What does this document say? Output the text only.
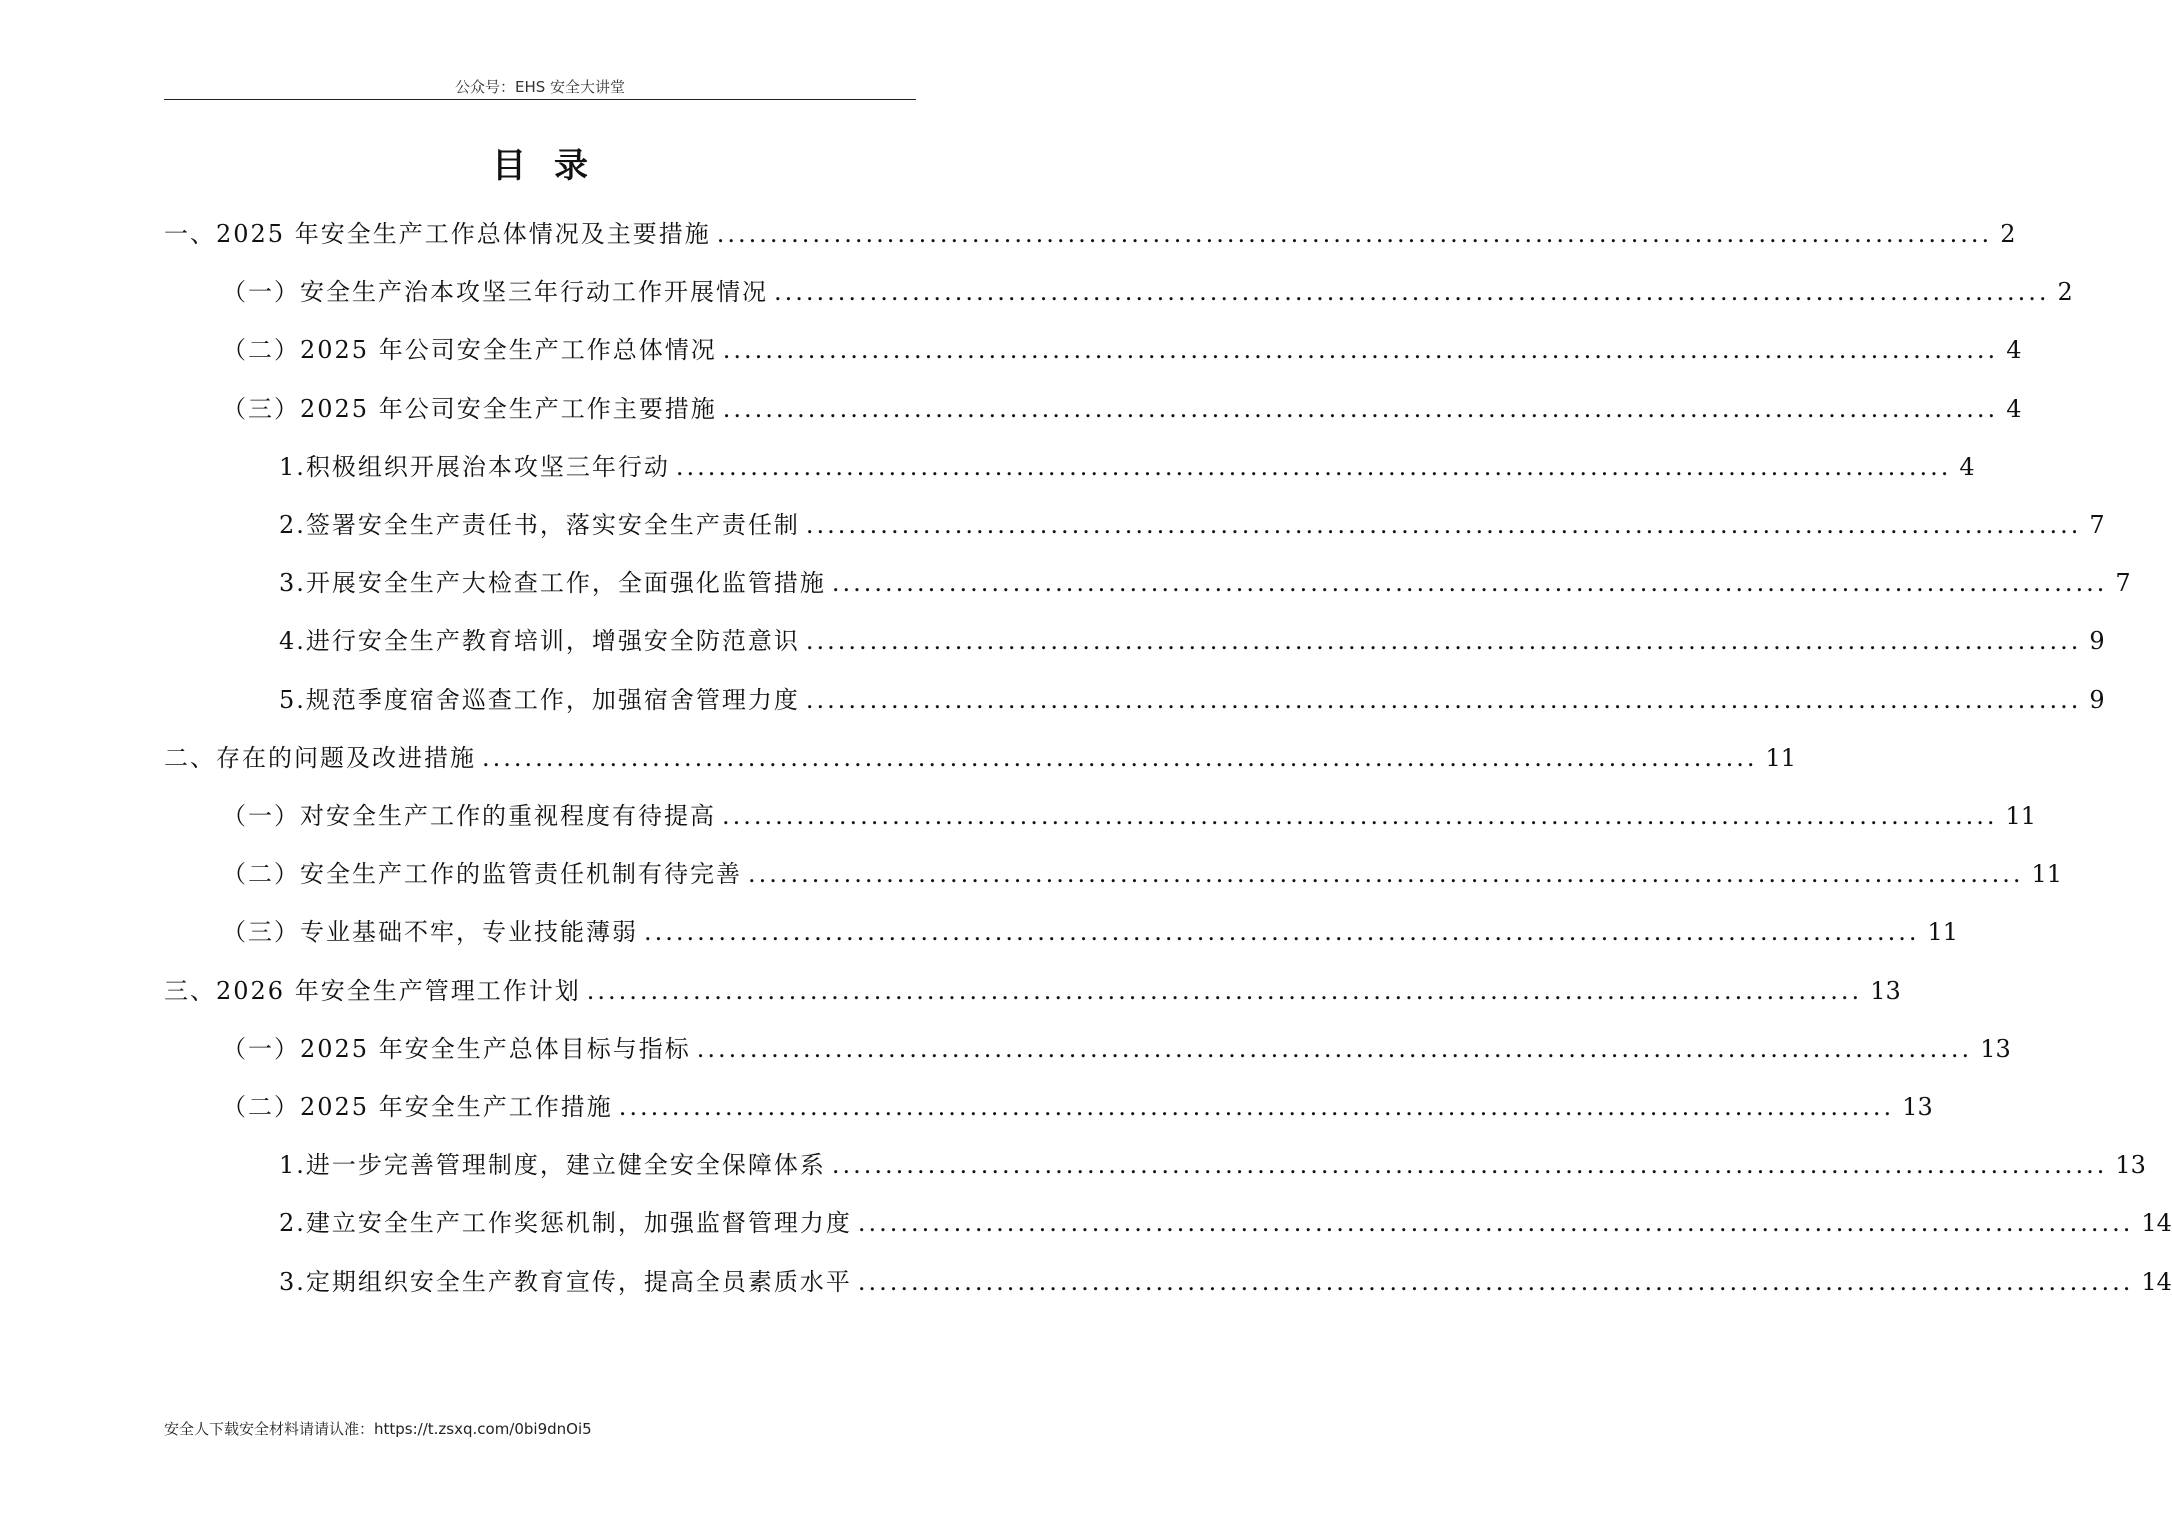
公众号：EHS 安全大讲堂
目录
一、2025 年安全生产工作总体情况及主要措施 ........................................................................................................................ 2
（一）安全生产治本攻坚三年行动工作开展情况 ........................................................................................................................ 2
（二）2025 年公司安全生产工作总体情况 ........................................................................................................................ 4
（三）2025 年公司安全生产工作主要措施 ........................................................................................................................ 4
1.积极组织开展治本攻坚三年行动 ........................................................................................................................ 4
2.签署安全生产责任书，落实安全生产责任制 ........................................................................................................................ 7
3.开展安全生产大检查工作，全面强化监管措施 ........................................................................................................................ 7
4.进行安全生产教育培训，增强安全防范意识 ........................................................................................................................ 9
5.规范季度宿舍巡查工作，加强宿舍管理力度 ........................................................................................................................ 9
二、存在的问题及改进措施 ........................................................................................................................ 11
（一）对安全生产工作的重视程度有待提高 ........................................................................................................................ 11
（二）安全生产工作的监管责任机制有待完善 ........................................................................................................................ 11
（三）专业基础不牢，专业技能薄弱 ........................................................................................................................ 11
三、2026 年安全生产管理工作计划 ........................................................................................................................ 13
（一）2025 年安全生产总体目标与指标 ........................................................................................................................ 13
（二）2025 年安全生产工作措施 ........................................................................................................................ 13
1.进一步完善管理制度，建立健全安全保障体系 ........................................................................................................................ 13
2.建立安全生产工作奖惩机制，加强监督管理力度 ........................................................................................................................ 14
3.定期组织安全生产教育宣传，提高全员素质水平 ........................................................................................................................ 14
安全人下载安全材料请请认准：https://t.zsxq.com/0bi9dnOi5
